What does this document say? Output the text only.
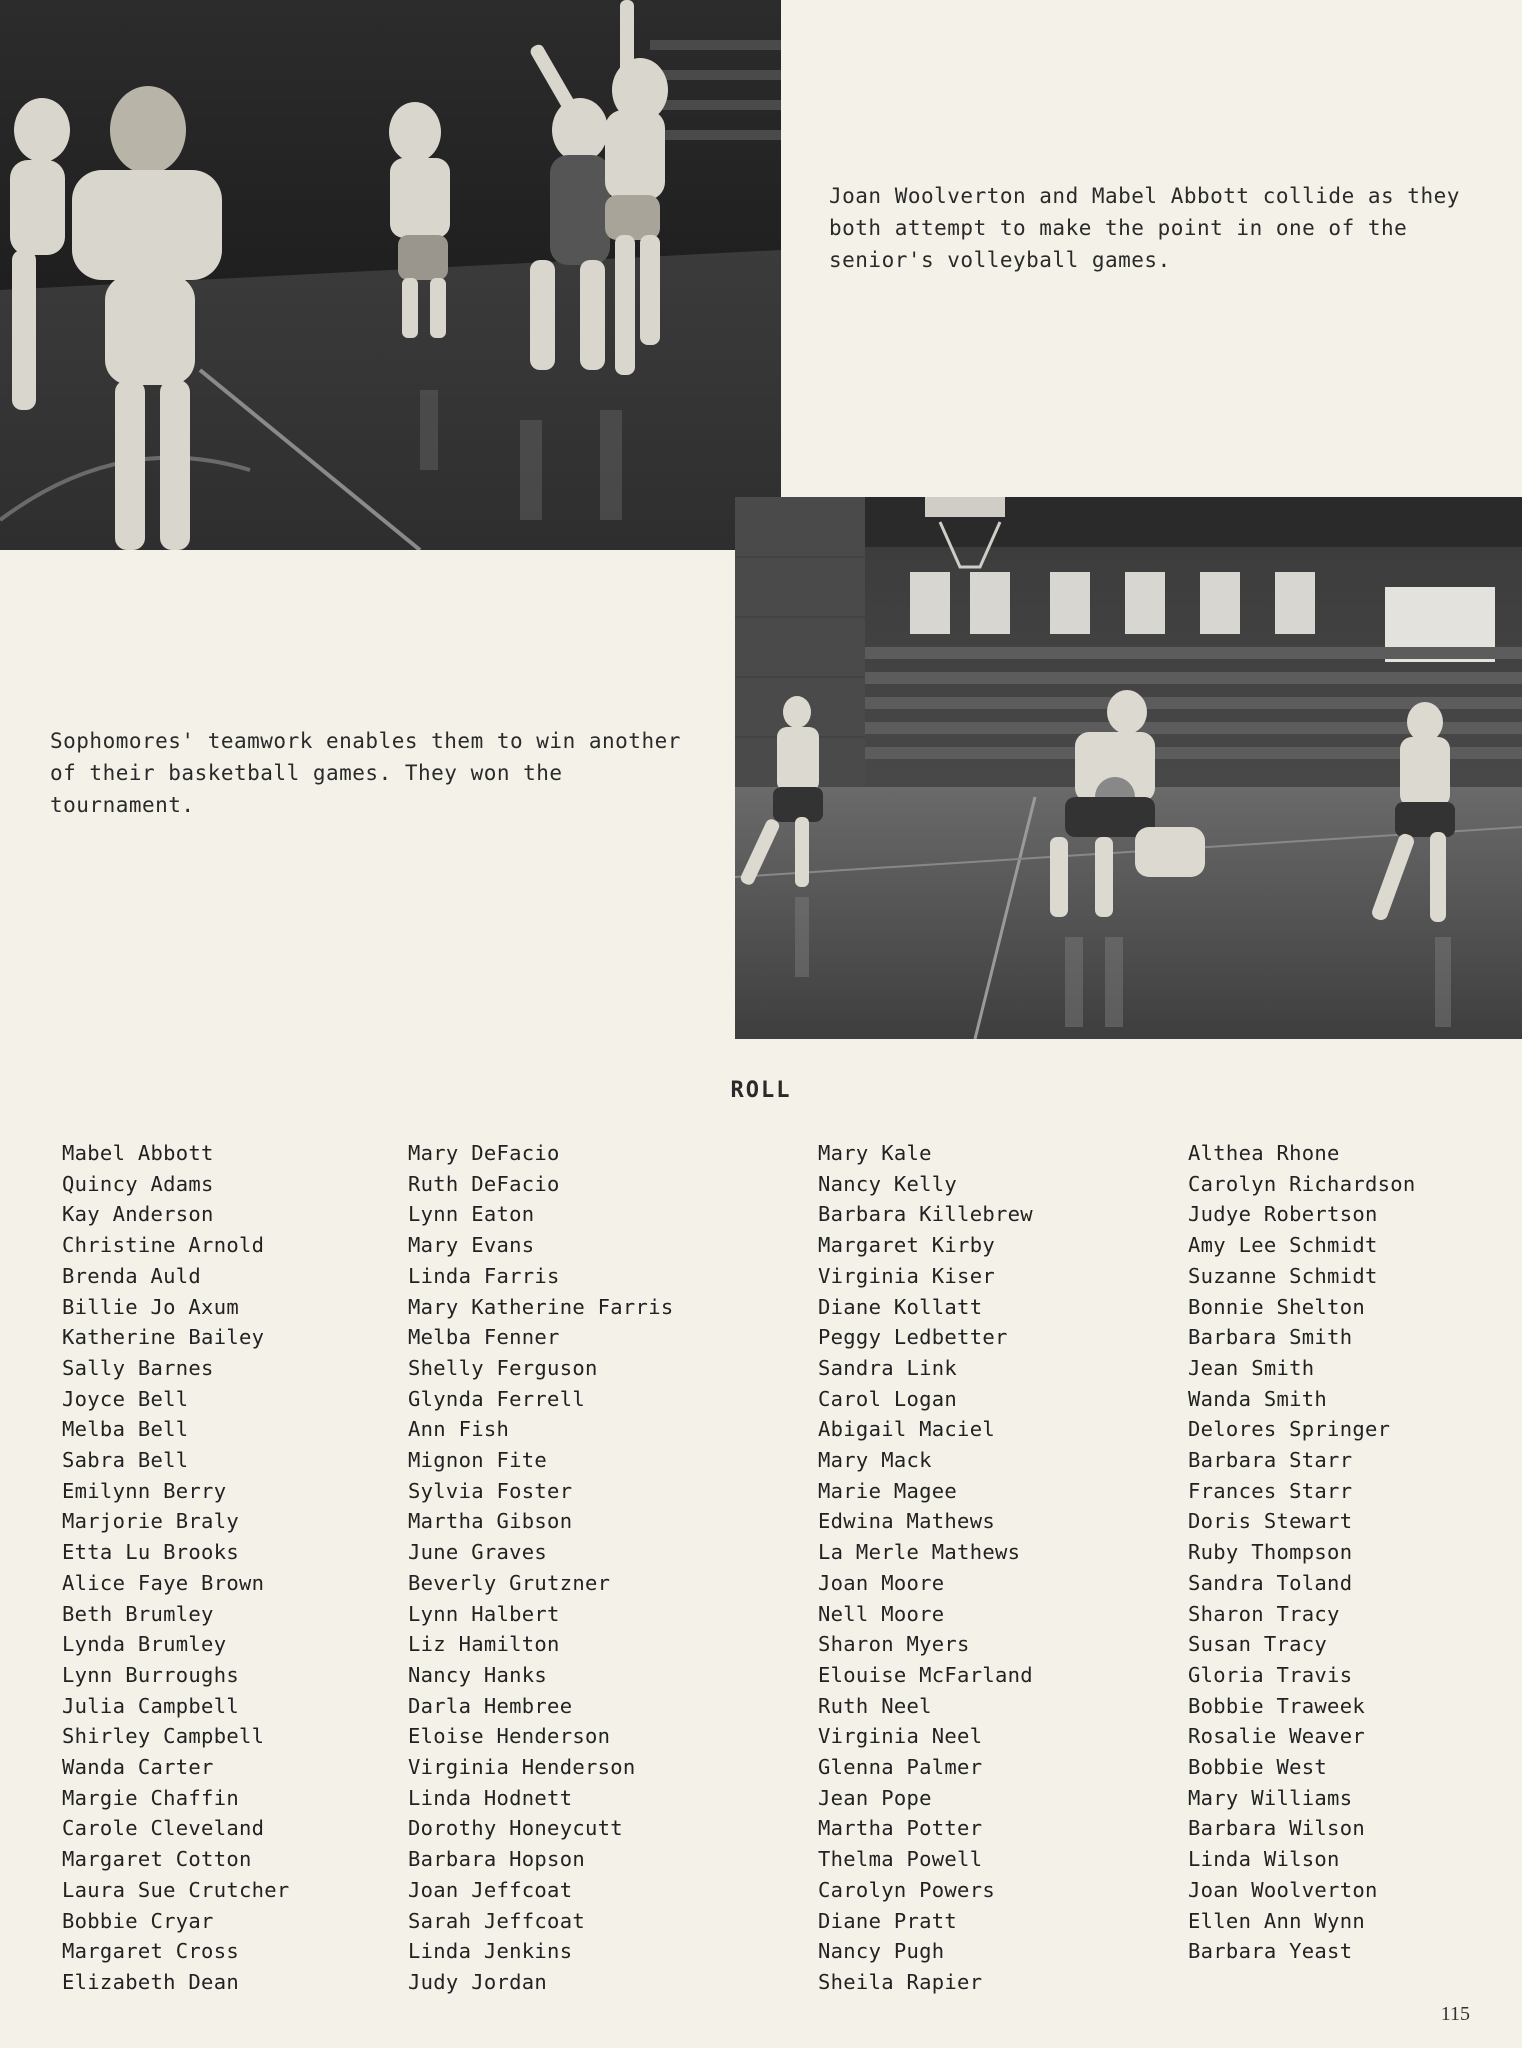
Joan Woolverton and Mabel Abbott collide as they both attempt to make the point in one of the senior's volleyball games.

Sophomores' teamwork enables them to win another of their basketball games. They won the tournament.

ROLL
Mabel Abbott
Quincy Adams
Kay Anderson
Christine Arnold
Brenda Auld
Billie Jo Axum
Katherine Bailey
Sally Barnes
Joyce Bell
Melba Bell
Sabra Bell
Emilynn Berry
Marjorie Braly
Etta Lu Brooks
Alice Faye Brown
Beth Brumley
Lynda Brumley
Lynn Burroughs
Julia Campbell
Shirley Campbell
Wanda Carter
Margie Chaffin
Carole Cleveland
Margaret Cotton
Laura Sue Crutcher
Bobbie Cryar
Margaret Cross
Elizabeth Dean
Mary DeFacio
Ruth DeFacio
Lynn Eaton
Mary Evans
Linda Farris
Mary Katherine Farris
Melba Fenner
Shelly Ferguson
Glynda Ferrell
Ann Fish
Mignon Fite
Sylvia Foster
Martha Gibson
June Graves
Beverly Grutzner
Lynn Halbert
Liz Hamilton
Nancy Hanks
Darla Hembree
Eloise Henderson
Virginia Henderson
Linda Hodnett
Dorothy Honeycutt
Barbara Hopson
Joan Jeffcoat
Sarah Jeffcoat
Linda Jenkins
Judy Jordan
Mary Kale
Nancy Kelly
Barbara Killebrew
Margaret Kirby
Virginia Kiser
Diane Kollatt
Peggy Ledbetter
Sandra Link
Carol Logan
Abigail Maciel
Mary Mack
Marie Magee
Edwina Mathews
La Merle Mathews
Joan Moore
Nell Moore
Sharon Myers
Elouise McFarland
Ruth Neel
Virginia Neel
Glenna Palmer
Jean Pope
Martha Potter
Thelma Powell
Carolyn Powers
Diane Pratt
Nancy Pugh
Sheila Rapier
Althea Rhone
Carolyn Richardson
Judye Robertson
Amy Lee Schmidt
Suzanne Schmidt
Bonnie Shelton
Barbara Smith
Jean Smith
Wanda Smith
Delores Springer
Barbara Starr
Frances Starr
Doris Stewart
Ruby Thompson
Sandra Toland
Sharon Tracy
Susan Tracy
Gloria Travis
Bobbie Traweek
Rosalie Weaver
Bobbie West
Mary Williams
Barbara Wilson
Linda Wilson
Joan Woolverton
Ellen Ann Wynn
Barbara Yeast

115
